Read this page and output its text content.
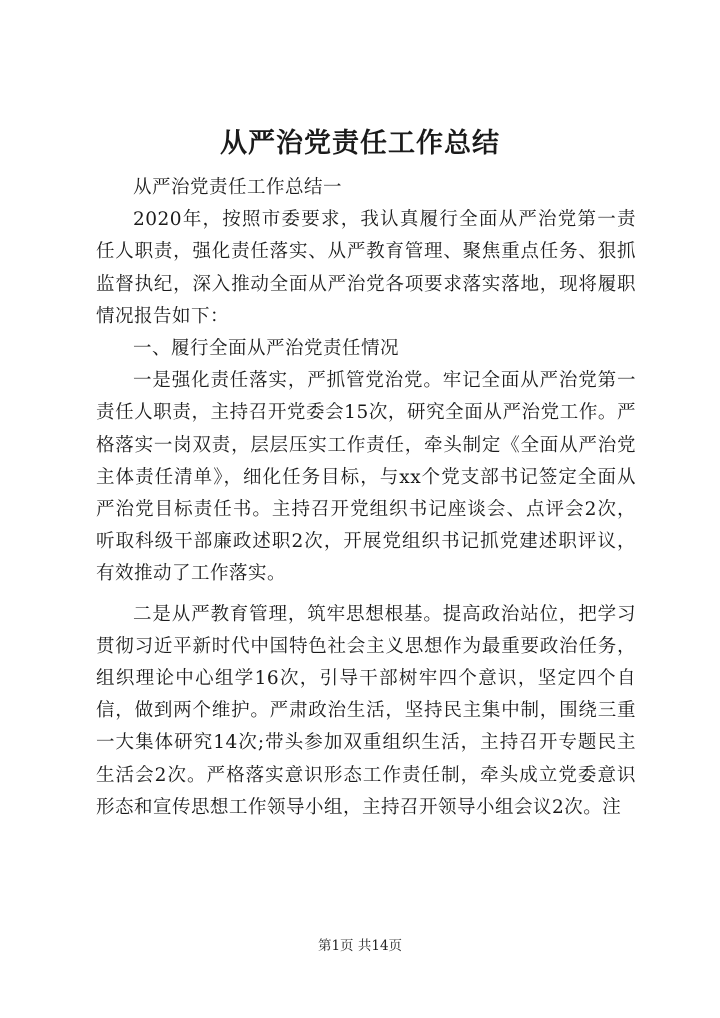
从严治党责任工作总结

从严治党责任工作总结一

2020年，按照市委要求，我认真履行全面从严治党第一责任人职责，强化责任落实、从严教育管理、聚焦重点任务、狠抓监督执纪，深入推动全面从严治党各项要求落实落地，现将履职情况报告如下：

一、履行全面从严治党责任情况

一是强化责任落实，严抓管党治党。牢记全面从严治党第一责任人职责，主持召开党委会15次，研究全面从严治党工作。严格落实一岗双责，层层压实工作责任，牵头制定《全面从严治党主体责任清单》，细化任务目标，与xx个党支部书记签定全面从严治党目标责任书。主持召开党组织书记座谈会、点评会2次，听取科级干部廉政述职2次，开展党组织书记抓党建述职评议，有效推动了工作落实。

二是从严教育管理，筑牢思想根基。提高政治站位，把学习贯彻习近平新时代中国特色社会主义思想作为最重要政治任务，组织理论中心组学16次，引导干部树牢四个意识，坚定四个自信，做到两个维护。严肃政治生活，坚持民主集中制，围绕三重一大集体研究14次;带头参加双重组织生活，主持召开专题民主生活会2次。严格落实意识形态工作责任制，牵头成立党委意识形态和宣传思想工作领导小组，主持召开领导小组会议2次。注

第1页 共14页
